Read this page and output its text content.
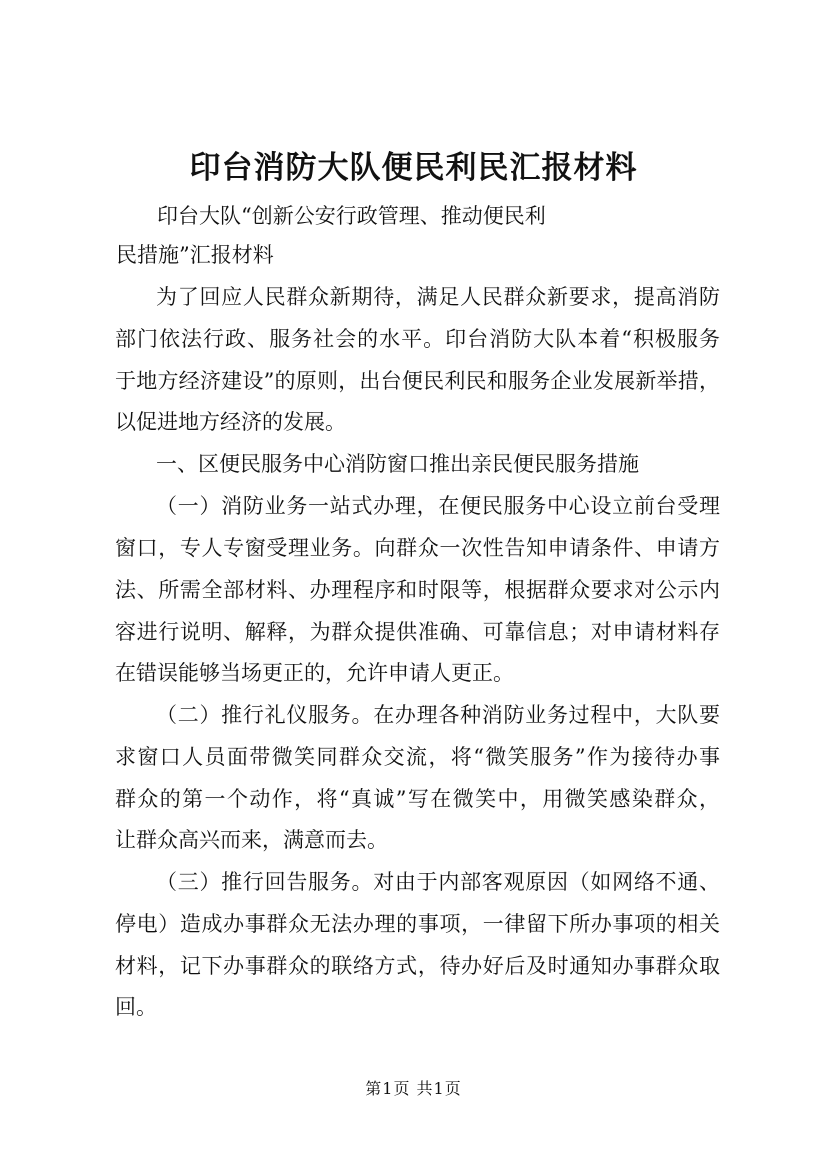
印台消防大队便民利民汇报材料
印台大队“创新公安行政管理、推动便民利
民措施”汇报材料
为了回应人民群众新期待，满足人民群众新要求，提高消防
部门依法行政、服务社会的水平。印台消防大队本着“积极服务
于地方经济建设”的原则，出台便民利民和服务企业发展新举措，
以促进地方经济的发展。
一、区便民服务中心消防窗口推出亲民便民服务措施
（一）消防业务一站式办理，在便民服务中心设立前台受理
窗口，专人专窗受理业务。向群众一次性告知申请条件、申请方
法、所需全部材料、办理程序和时限等，根据群众要求对公示内
容进行说明、解释，为群众提供准确、可靠信息；对申请材料存
在错误能够当场更正的，允许申请人更正。
（二）推行礼仪服务。在办理各种消防业务过程中，大队要
求窗口人员面带微笑同群众交流，将“微笑服务”作为接待办事
群众的第一个动作，将“真诚”写在微笑中，用微笑感染群众，
让群众高兴而来，满意而去。
（三）推行回告服务。对由于内部客观原因（如网络不通、
停电）造成办事群众无法办理的事项，一律留下所办事项的相关
材料，记下办事群众的联络方式，待办好后及时通知办事群众取
回。
第1页 共1页
